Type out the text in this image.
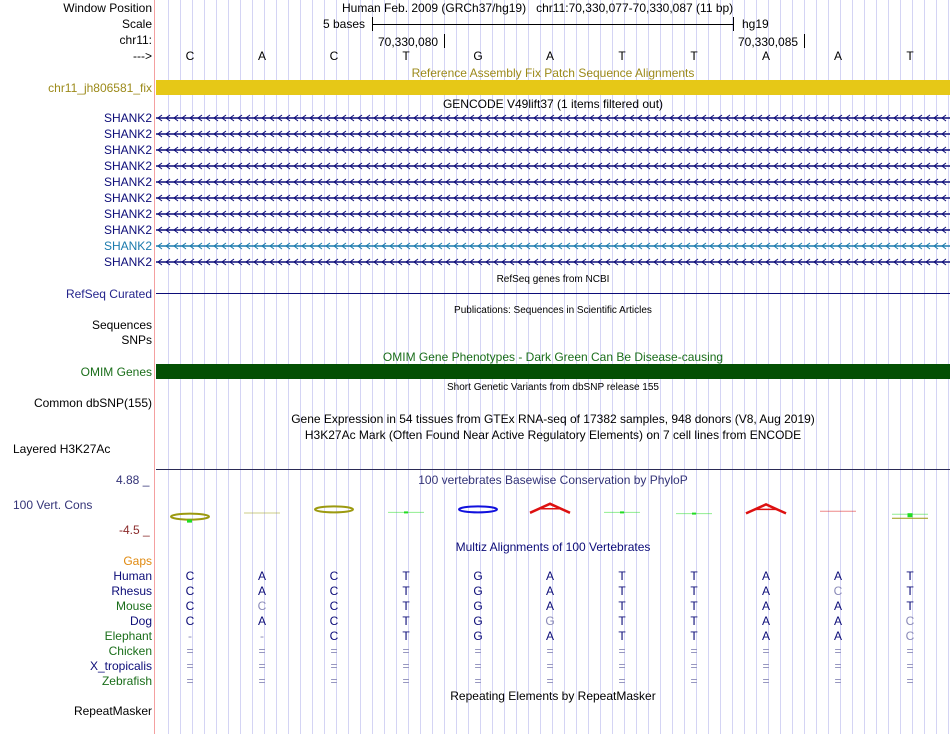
Window Position
Scale
chr11:
--->
Human Feb. 2009 (GRCh37/hg19) chr11:70,330,077-70,330,087 (11 bp)
5 bases	hg19
70,330,080	70,330,085
Reference Assembly Fix Patch Sequence Alignments
chr11_jh806581_fix
GENCODE V49lift37 (1 items filtered out)
RefSeq genes from NCBI
RefSeq Curated
Publications: Sequences in Scientific Articles
Sequences
SNPs
OMIM Gene Phenotypes - Dark Green Can Be Disease-causing
OMIM Genes
Short Genetic Variants from dbSNP release 155
Common dbSNP(155)
Gene Expression in 54 tissues from GTEx RNA-seq of 17382 samples, 948 donors (V8, Aug 2019)
H3K27Ac Mark (Often Found Near Active Regulatory Elements) on 7 cell lines from ENCODE
Layered H3K27Ac
4.88 _	100 vertebrates Basewise Conservation by PhyloP
100 Vert. Cons
-4.5 _
Multiz Alignments of 100 Vertebrates
Gaps
Repeating Elements by RepeatMasker
RepeatMasker
C	A	C	T	G	A	T	T	A	A	T
SHANK2
SHANK2
SHANK2
SHANK2
SHANK2
SHANK2
SHANK2
SHANK2
SHANK2
SHANK2
Human	C	A	C	T	G	A	T	T	A	A	T
Rhesus	C	A	C	T	G	A	T	T	A	C	T
Mouse	C	C	C	T	G	A	T	T	A	A	T
Dog	C	A	C	T	G	G	T	T	A	A	C
Elephant	-	-	C	T	G	A	T	T	A	A	C
Chicken	=	=	=	=	=	=	=	=	=	=	=
X_tropicalis	=	=	=	=	=	=	=	=	=	=	=
Zebrafish	=	=	=	=	=	=	=	=	=	=	=
